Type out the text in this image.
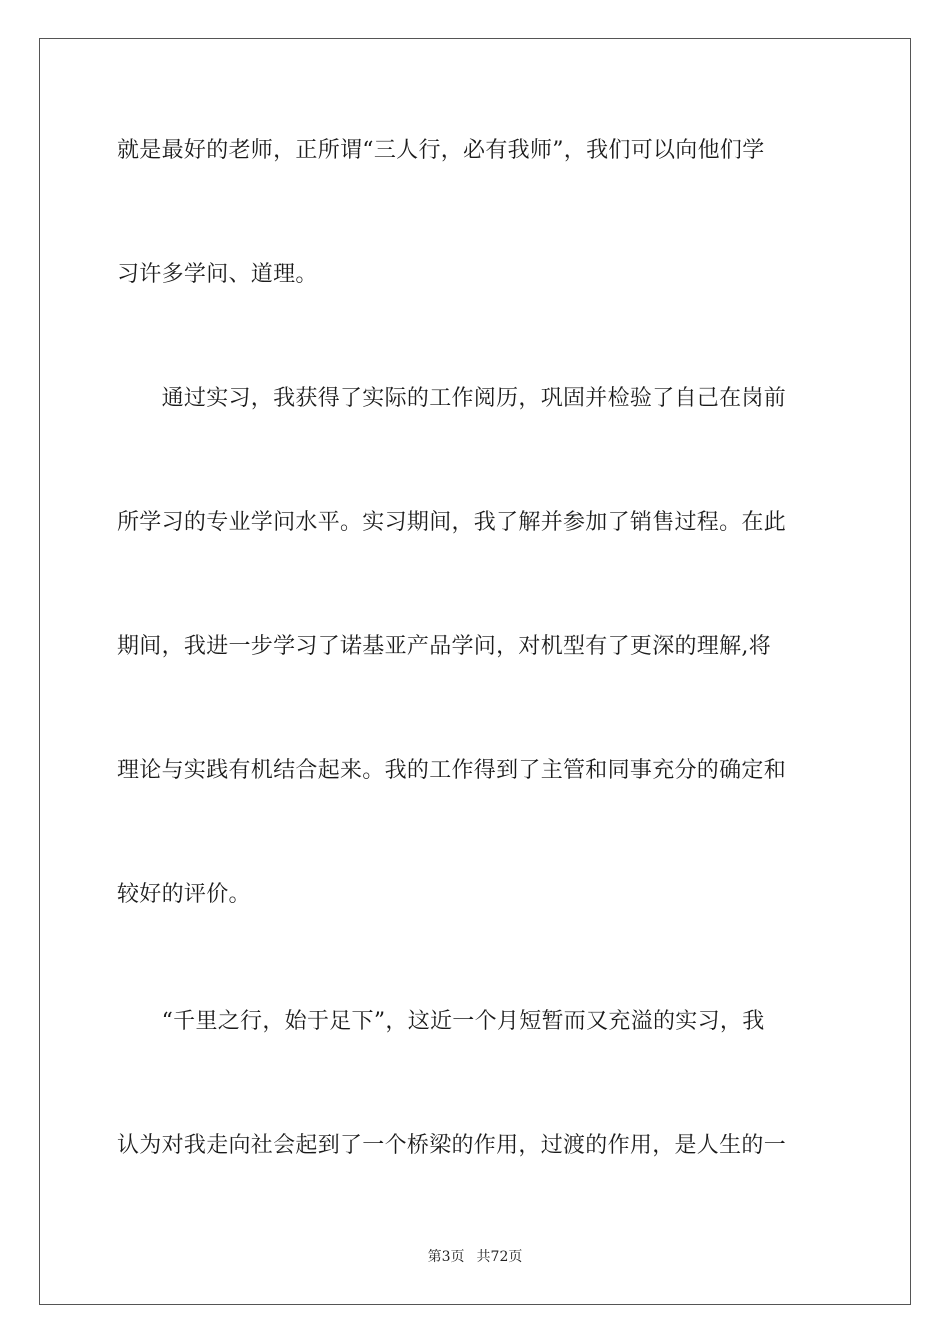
就是最好的老师，正所谓“三人行，必有我师”，我们可以向他们学
习许多学问、道理。
　　通过实习，我获得了实际的工作阅历，巩固并检验了自己在岗前
所学习的专业学问水平。实习期间，我了解并参加了销售过程。在此
期间，我进一步学习了诺基亚产品学问，对机型有了更深的理解,将
理论与实践有机结合起来。我的工作得到了主管和同事充分的确定和
较好的评价。
　　“千里之行，始于足下”，这近一个月短暂而又充溢的实习，我
认为对我走向社会起到了一个桥梁的作用，过渡的作用，是人生的一
第3页 共72页
